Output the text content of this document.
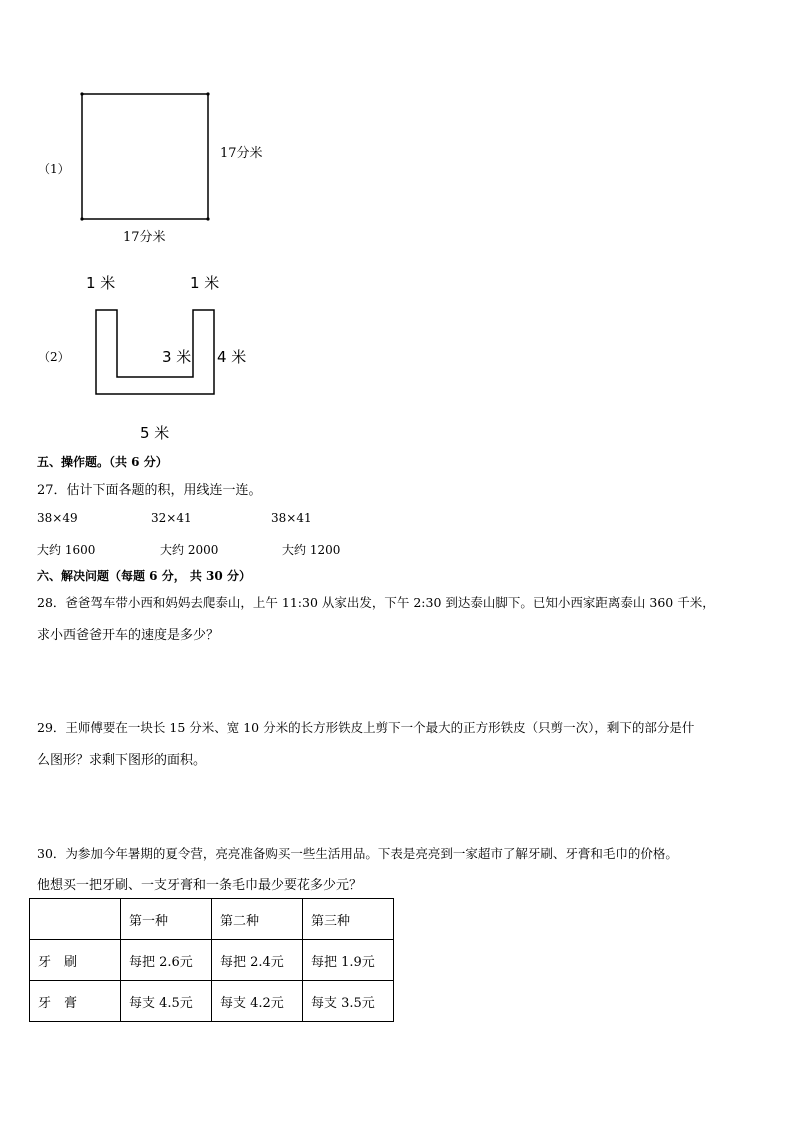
（1）
17分米
17分米
（2）
1 米	1 米
3 米 4 米
5 米
五、操作题。（共 6 分）
27．估计下面各题的积，用线连一连。
38×49	32×41	38×41
大约 1600	大约 2000	大约 1200
六、解决问题（每题 6 分， 共 30 分）
28．爸爸驾车带小西和妈妈去爬泰山，上午 11:30 从家出发，下午 2:30 到达泰山脚下。已知小西家距离泰山 360 千米，
求小西爸爸开车的速度是多少？
29．王师傅要在一块长 15 分米、宽 10 分米的长方形铁皮上剪下一个最大的正方形铁皮（只剪一次），剩下的部分是什
么图形？求剩下图形的面积。
30．为参加今年暑期的夏令营，亮亮准备购买一些生活用品。下表是亮亮到一家超市了解牙刷、牙膏和毛巾的价格。
他想买一把牙刷、一支牙膏和一条毛巾最少要花多少元？
	第一种	第二种	第三种
牙　刷	每把 2.6元	每把 2.4元	每把 1.9元
牙　膏	每支 4.5元	每支 4.2元	每支 3.5元
